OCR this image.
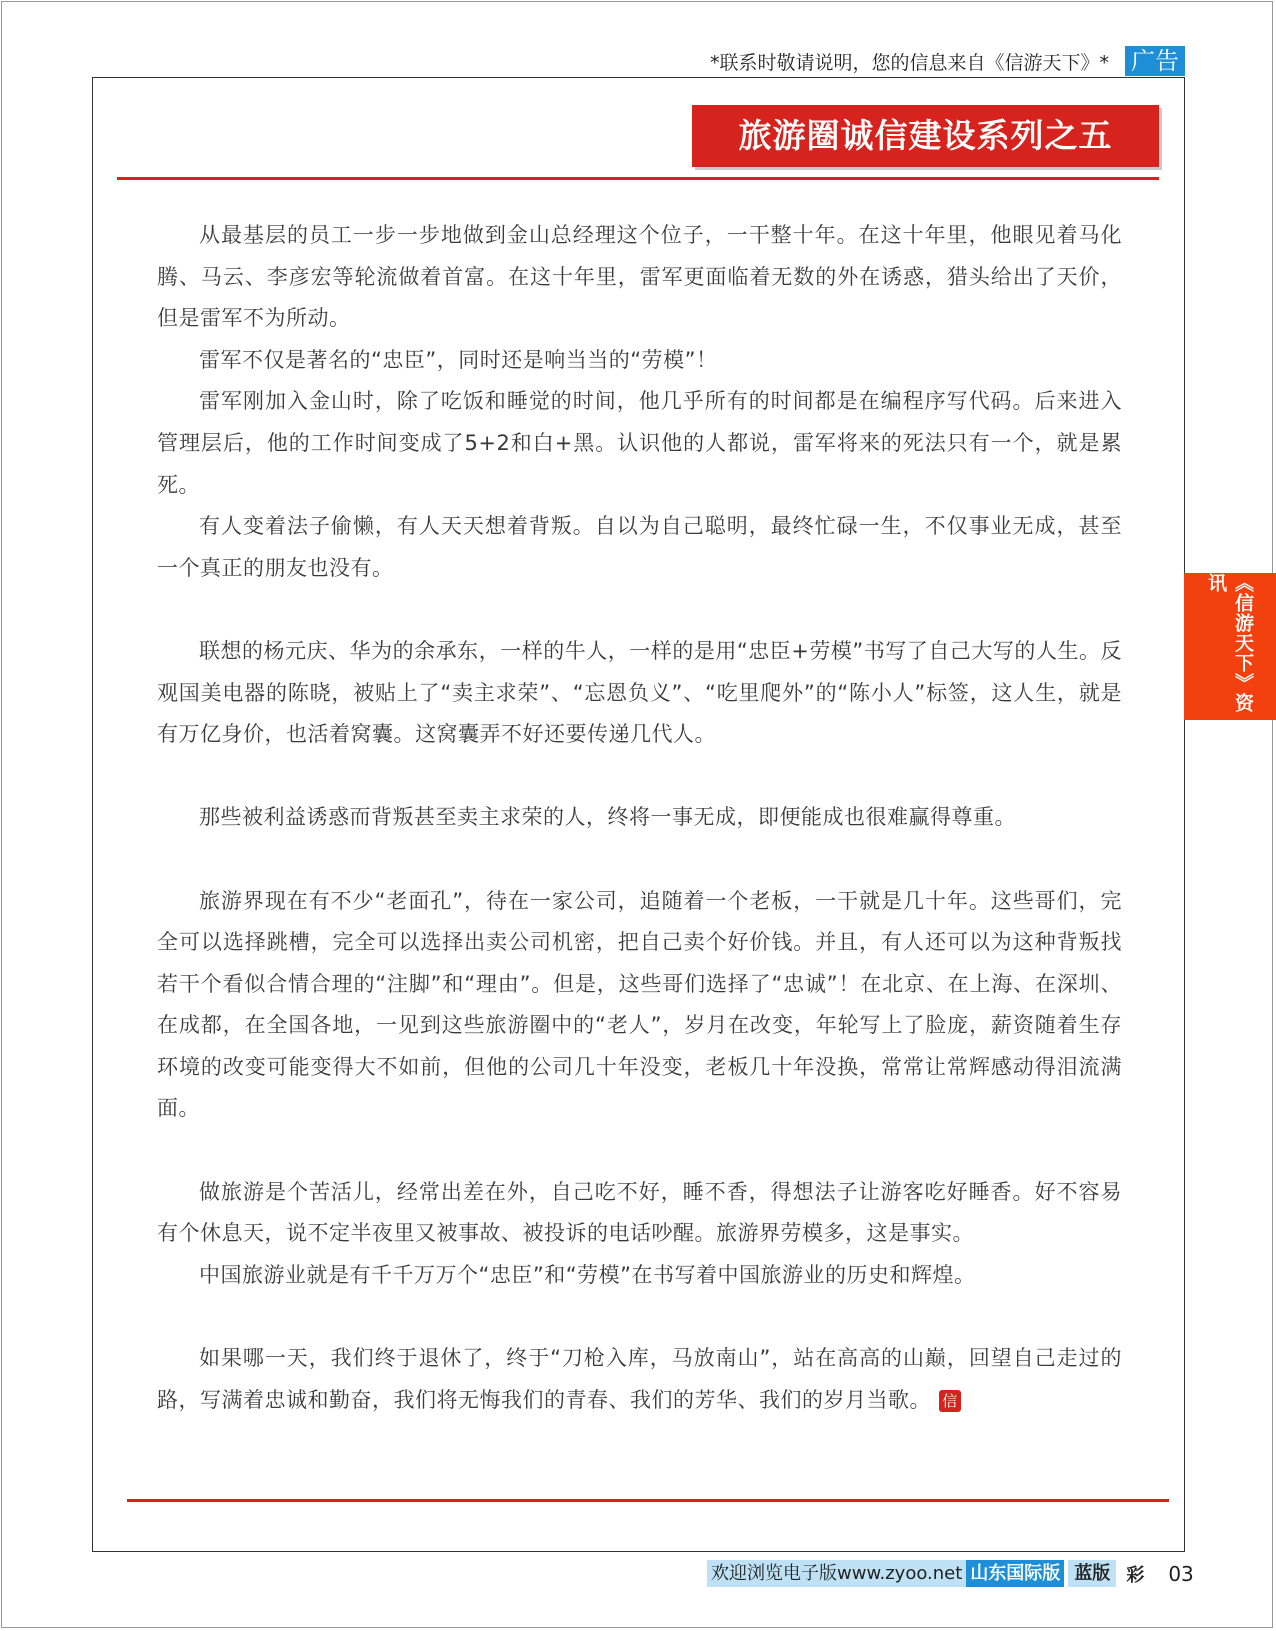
*联系时敬请说明，您的信息来自《信游天下》* 广告
旅游圈诚信建设系列之五
《信游天下》资讯

从最基层的员工一步一步地做到金山总经理这个位子，一干整十年。在这十年里，他眼见着马化腾、马云、李彦宏等轮流做着首富。在这十年里，雷军更面临着无数的外在诱惑，猎头给出了天价，但是雷军不为所动。

雷军不仅是著名的“忠臣”，同时还是响当当的“劳模”！

雷军刚加入金山时，除了吃饭和睡觉的时间，他几乎所有的时间都是在编程序写代码。后来进入管理层后，他的工作时间变成了5+2和白+黑。认识他的人都说，雷军将来的死法只有一个，就是累死。

有人变着法子偷懒，有人天天想着背叛。自以为自己聪明，最终忙碌一生，不仅事业无成，甚至一个真正的朋友也没有。

联想的杨元庆、华为的余承东，一样的牛人，一样的是用“忠臣+劳模”书写了自己大写的人生。反观国美电器的陈晓，被贴上了“卖主求荣”、“忘恩负义”、“吃里爬外”的“陈小人”标签，这人生，就是有万亿身价，也活着窝囊。这窝囊弄不好还要传递几代人。

那些被利益诱惑而背叛甚至卖主求荣的人，终将一事无成，即便能成也很难赢得尊重。

旅游界现在有不少“老面孔”，待在一家公司，追随着一个老板，一干就是几十年。这些哥们，完全可以选择跳槽，完全可以选择出卖公司机密，把自己卖个好价钱。并且，有人还可以为这种背叛找若干个看似合情合理的“注脚”和“理由”。但是，这些哥们选择了“忠诚”！在北京、在上海、在深圳、在成都，在全国各地，一见到这些旅游圈中的“老人”，岁月在改变，年轮写上了脸庞，薪资随着生存环境的改变可能变得大不如前，但他的公司几十年没变，老板几十年没换，常常让常辉感动得泪流满面。

做旅游是个苦活儿，经常出差在外，自己吃不好，睡不香，得想法子让游客吃好睡香。好不容易有个休息天，说不定半夜里又被事故、被投诉的电话吵醒。旅游界劳模多，这是事实。

中国旅游业就是有千千万万个“忠臣”和“劳模”在书写着中国旅游业的历史和辉煌。

如果哪一天，我们终于退休了，终于“刀枪入库，马放南山”，站在高高的山巅，回望自己走过的路，写满着忠诚和勤奋，我们将无悔我们的青春、我们的芳华、我们的岁月当歌。 信

欢迎浏览电子版www.zyoo.net 山东国际版 蓝版 彩 03
